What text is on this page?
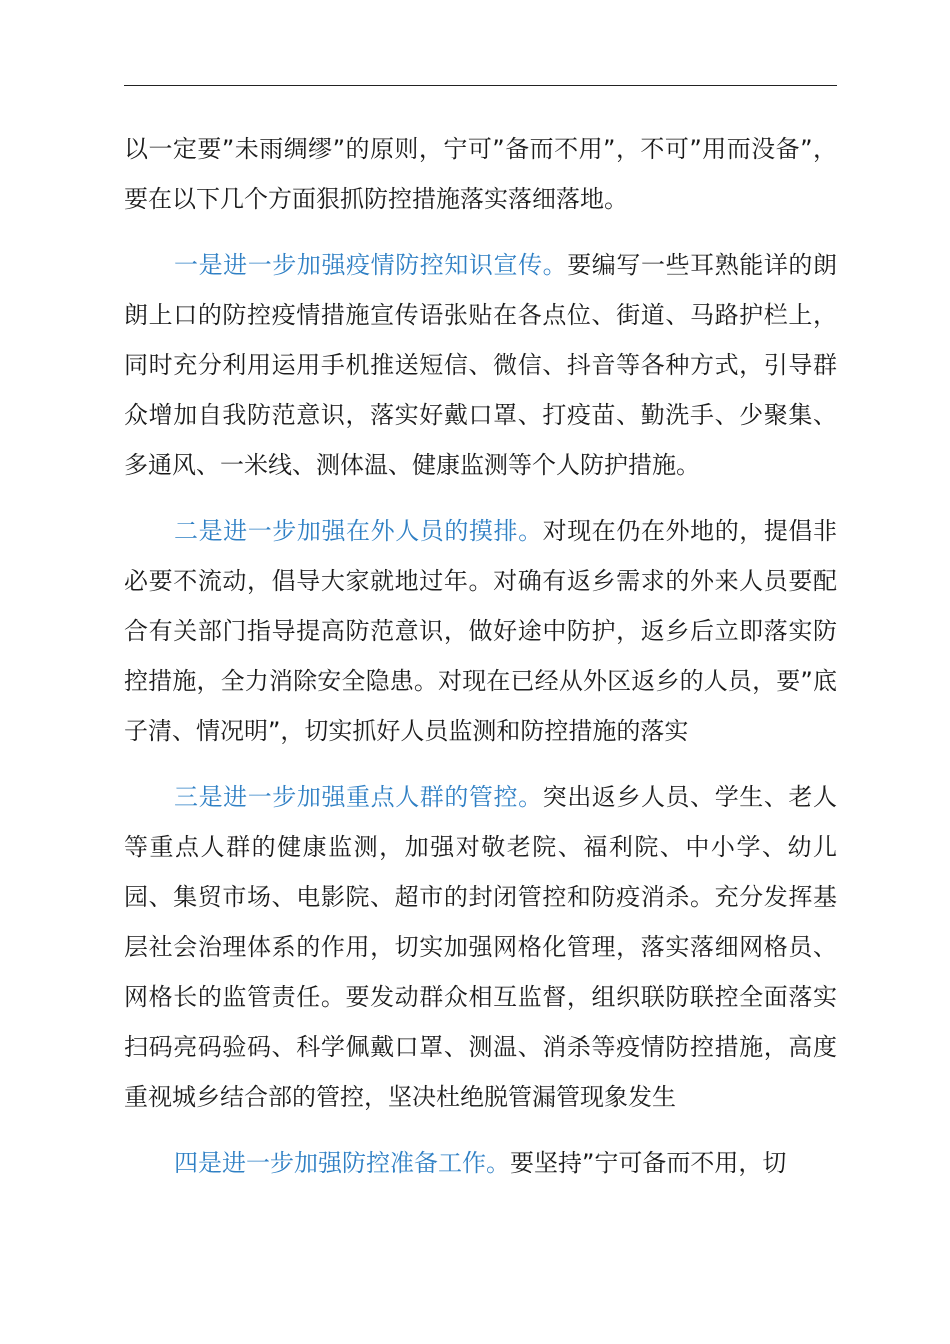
以一定要”未雨绸缪”的原则，宁可”备而不用”，不可”用而没备”，要在以下几个方面狠抓防控措施落实落细落地。

一是进一步加强疫情防控知识宣传。要编写一些耳熟能详的朗朗上口的防控疫情措施宣传语张贴在各点位、街道、马路护栏上，同时充分利用运用手机推送短信、微信、抖音等各种方式，引导群众增加自我防范意识，落实好戴口罩、打疫苗、勤洗手、少聚集、多通风、一米线、测体温、健康监测等个人防护措施。

二是进一步加强在外人员的摸排。对现在仍在外地的，提倡非必要不流动，倡导大家就地过年。对确有返乡需求的外来人员要配合有关部门指导提高防范意识，做好途中防护，返乡后立即落实防控措施，全力消除安全隐患。对现在已经从外区返乡的人员，要”底子清、情况明”，切实抓好人员监测和防控措施的落实

三是进一步加强重点人群的管控。突出返乡人员、学生、老人等重点人群的健康监测，加强对敬老院、福利院、中小学、幼儿园、集贸市场、电影院、超市的封闭管控和防疫消杀。充分发挥基层社会治理体系的作用，切实加强网格化管理，落实落细网格员、网格长的监管责任。要发动群众相互监督，组织联防联控全面落实扫码亮码验码、科学佩戴口罩、测温、消杀等疫情防控措施，高度重视城乡结合部的管控，坚决杜绝脱管漏管现象发生

四是进一步加强防控准备工作。要坚持”宁可备而不用，切
